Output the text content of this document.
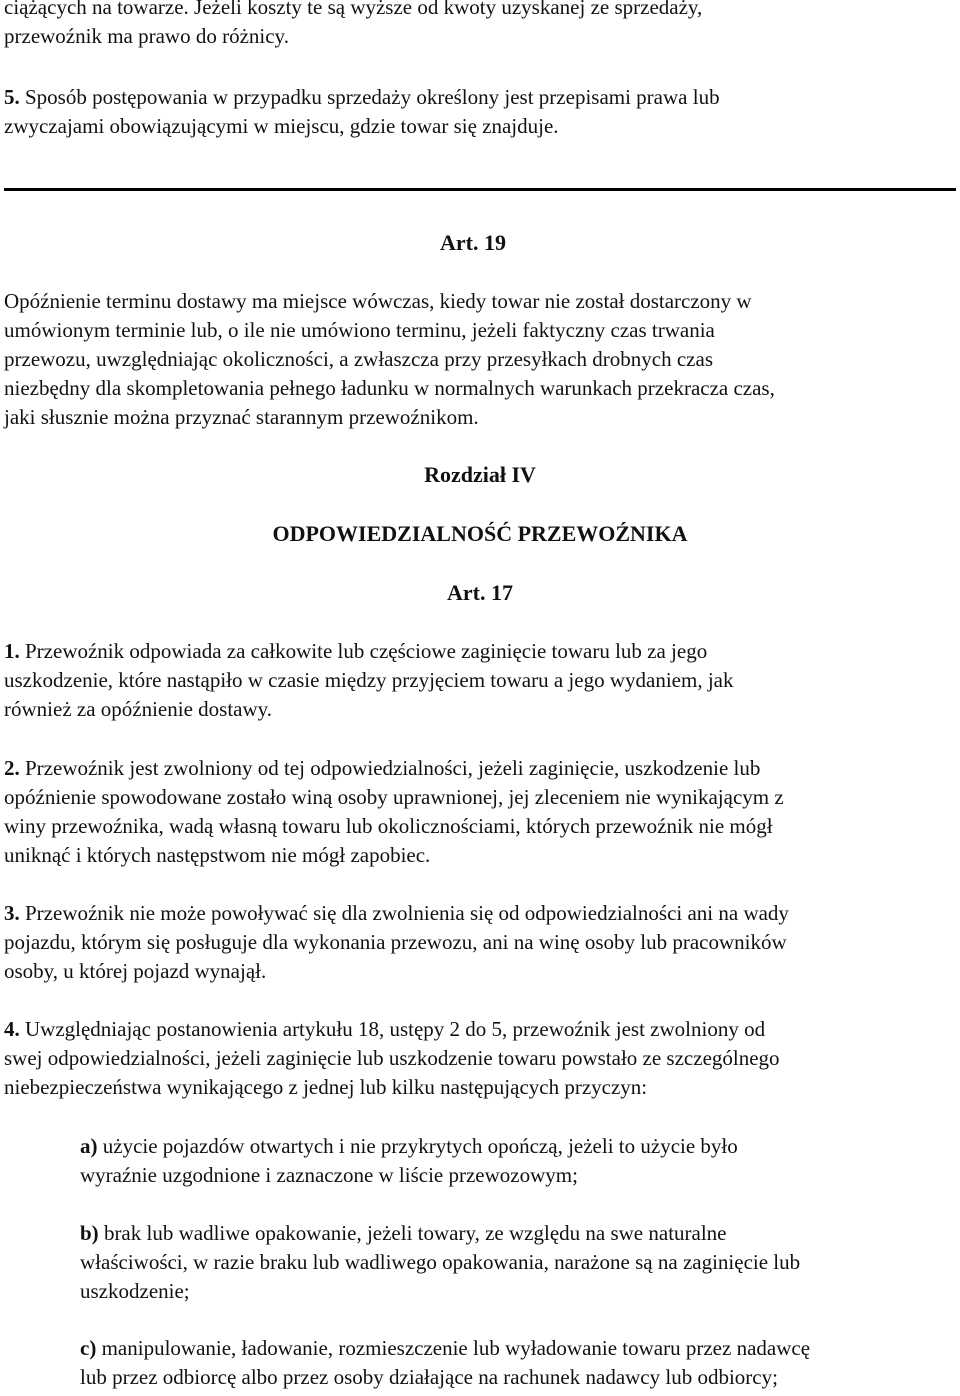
ciążących na towarze. Jeżeli koszty te są wyższe od kwoty uzyskanej ze sprzedaży,
przewoźnik ma prawo do różnicy.
5. Sposób postępowania w przypadku sprzedaży określony jest przepisami prawa lub
zwyczajami obowiązującymi w miejscu, gdzie towar się znajduje.
Art. 19
Opóźnienie terminu dostawy ma miejsce wówczas, kiedy towar nie został dostarczony w
umówionym terminie lub, o ile nie umówiono terminu, jeżeli faktyczny czas trwania
przewozu, uwzględniając okoliczności, a zwłaszcza przy przesyłkach drobnych czas
niezbędny dla skompletowania pełnego ładunku w normalnych warunkach przekracza czas,
jaki słusznie można przyznać starannym przewoźnikom.
Rozdział IV
ODPOWIEDZIALNOŚĆ PRZEWOŹNIKA
Art. 17
1. Przewoźnik odpowiada za całkowite lub częściowe zaginięcie towaru lub za jego
uszkodzenie, które nastąpiło w czasie między przyjęciem towaru a jego wydaniem, jak
również za opóźnienie dostawy.
2. Przewoźnik jest zwolniony od tej odpowiedzialności, jeżeli zaginięcie, uszkodzenie lub
opóźnienie spowodowane zostało winą osoby uprawnionej, jej zleceniem nie wynikającym z
winy przewoźnika, wadą własną towaru lub okolicznościami, których przewoźnik nie mógł
uniknąć i których następstwom nie mógł zapobiec.
3. Przewoźnik nie może powoływać się dla zwolnienia się od odpowiedzialności ani na wady
pojazdu, którym się posługuje dla wykonania przewozu, ani na winę osoby lub pracowników
osoby, u której pojazd wynajął.
4. Uwzględniając postanowienia artykułu 18, ustępy 2 do 5, przewoźnik jest zwolniony od
swej odpowiedzialności, jeżeli zaginięcie lub uszkodzenie towaru powstało ze szczególnego
niebezpieczeństwa wynikającego z jednej lub kilku następujących przyczyn:
a) użycie pojazdów otwartych i nie przykrytych opończą, jeżeli to użycie było
wyraźnie uzgodnione i zaznaczone w liście przewozowym;
b) brak lub wadliwe opakowanie, jeżeli towary, ze względu na swe naturalne
właściwości, w razie braku lub wadliwego opakowania, narażone są na zaginięcie lub
uszkodzenie;
c) manipulowanie, ładowanie, rozmieszczenie lub wyładowanie towaru przez nadawcę
lub przez odbiorcę albo przez osoby działające na rachunek nadawcy lub odbiorcy;
